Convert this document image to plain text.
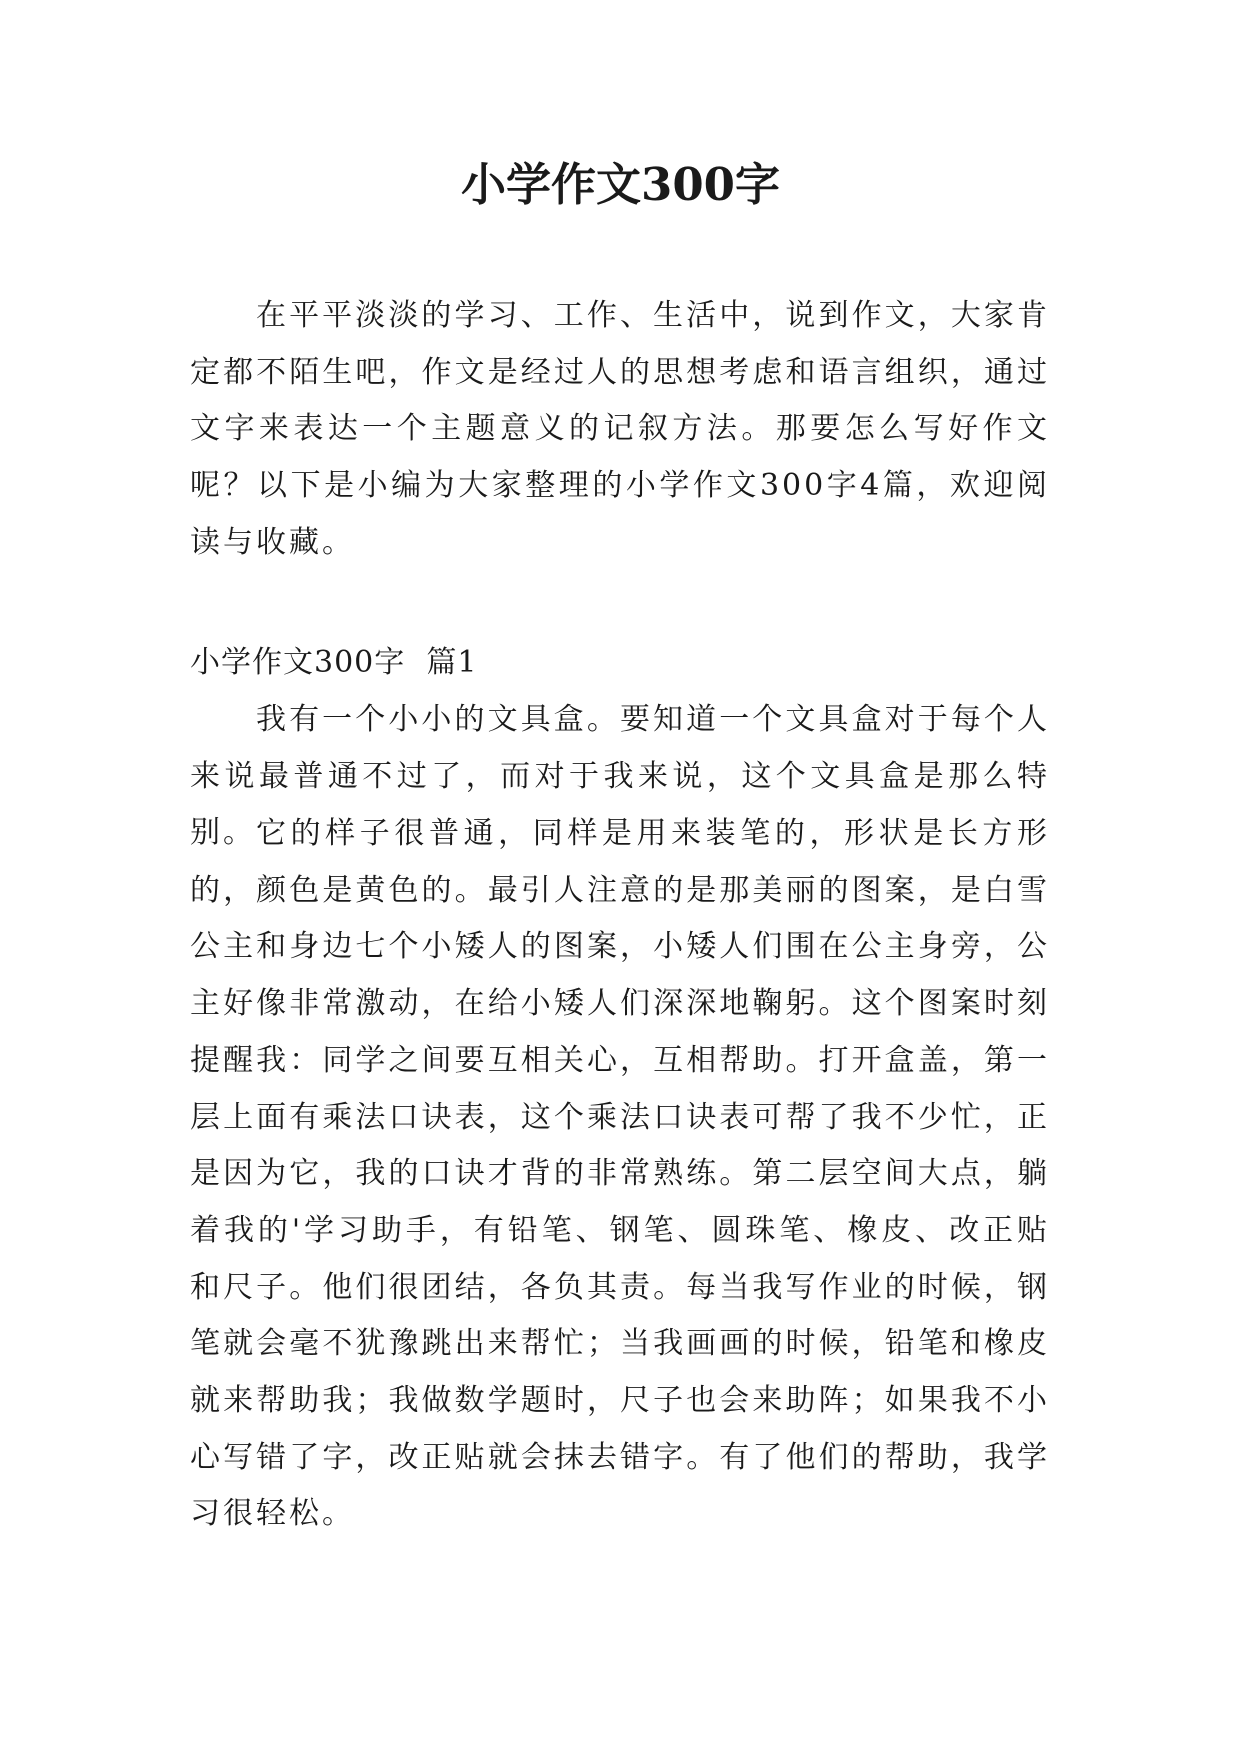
小学作文300字

在平平淡淡的学习、工作、生活中，说到作文，大家肯定都不陌生吧，作文是经过人的思想考虑和语言组织，通过文字来表达一个主题意义的记叙方法。那要怎么写好作文呢？以下是小编为大家整理的小学作文300字4篇，欢迎阅读与收藏。

小学作文300字  篇1

我有一个小小的文具盒。要知道一个文具盒对于每个人来说最普通不过了，而对于我来说，这个文具盒是那么特别。 它的样子很普通，同样是用来装笔的，形状是长方形的，颜色是黄色的。最引人注意的是那美丽的图案，是白雪公主和身边七个小矮人的图案，小矮人们围在公主身旁，公主好像非常激动，在给小矮人们深深地鞠躬。这个图案时刻提醒我：同学之间要互相关心，互相帮助。打开盒盖，第一层上面有乘法口诀表，这个乘法口诀表可帮了我不少忙，正是因为它，我的口诀才背的非常熟练。第二层空间大点，躺着我的'学习助手，有铅笔、钢笔、圆珠笔、橡皮、改正贴和尺子。他们很团结，各负其责。每当我写作业的时候，钢笔就会毫不犹豫跳出来帮忙；当我画画的时候，铅笔和橡皮就来帮助我；我做数学题时，尺子也会来助阵；如果我不小心写错了字，改正贴就会抹去错字。有了他们的帮助，我学习很轻松。
